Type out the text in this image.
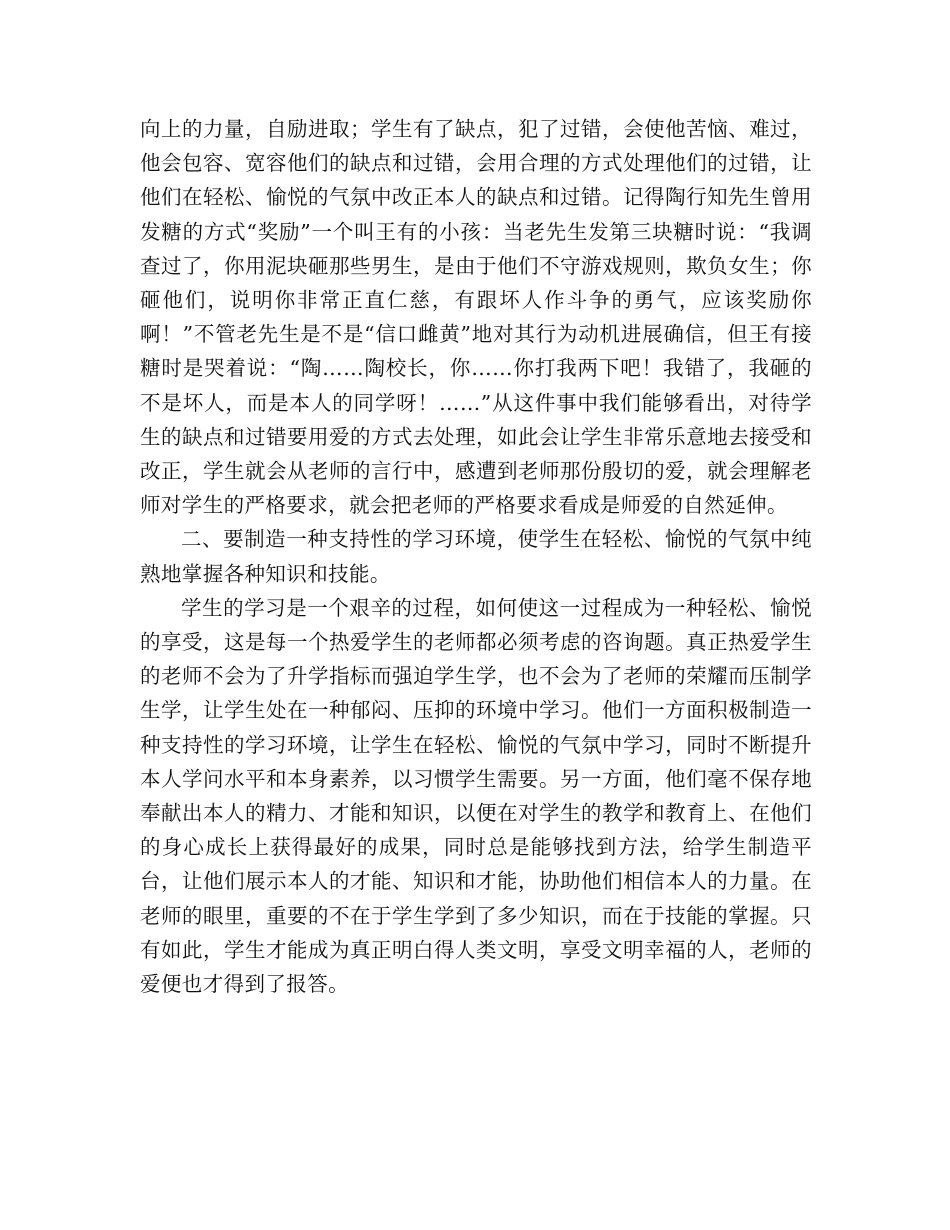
向上的力量，自励进取；学生有了缺点，犯了过错，会使他苦恼、难过，他会包容、宽容他们的缺点和过错，会用合理的方式处理他们的过错，让他们在轻松、愉悦的气氛中改正本人的缺点和过错。记得陶行知先生曾用发糖的方式“奖励”一个叫王有的小孩：当老先生发第三块糖时说：“我调查过了，你用泥块砸那些男生，是由于他们不守游戏规则，欺负女生；你砸他们，说明你非常正直仁慈，有跟坏人作斗争的勇气，应该奖励你啊！”不管老先生是不是“信口雌黄”地对其行为动机进展确信，但王有接糖时是哭着说：“陶……陶校长，你……你打我两下吧！我错了，我砸的不是坏人，而是本人的同学呀！……”从这件事中我们能够看出，对待学生的缺点和过错要用爱的方式去处理，如此会让学生非常乐意地去接受和改正，学生就会从老师的言行中，感遭到老师那份殷切的爱，就会理解老师对学生的严格要求，就会把老师的严格要求看成是师爱的自然延伸。

二、要制造一种支持性的学习环境，使学生在轻松、愉悦的气氛中纯熟地掌握各种知识和技能。

学生的学习是一个艰辛的过程，如何使这一过程成为一种轻松、愉悦的享受，这是每一个热爱学生的老师都必须考虑的咨询题。真正热爱学生的老师不会为了升学指标而强迫学生学，也不会为了老师的荣耀而压制学生学，让学生处在一种郁闷、压抑的环境中学习。他们一方面积极制造一种支持性的学习环境，让学生在轻松、愉悦的气氛中学习，同时不断提升本人学问水平和本身素养，以习惯学生需要。另一方面，他们毫不保存地奉献出本人的精力、才能和知识，以便在对学生的教学和教育上、在他们的身心成长上获得最好的成果，同时总是能够找到方法，给学生制造平台，让他们展示本人的才能、知识和才能，协助他们相信本人的力量。在老师的眼里，重要的不在于学生学到了多少知识，而在于技能的掌握。只有如此，学生才能成为真正明白得人类文明，享受文明幸福的人，老师的爱便也才得到了报答。
